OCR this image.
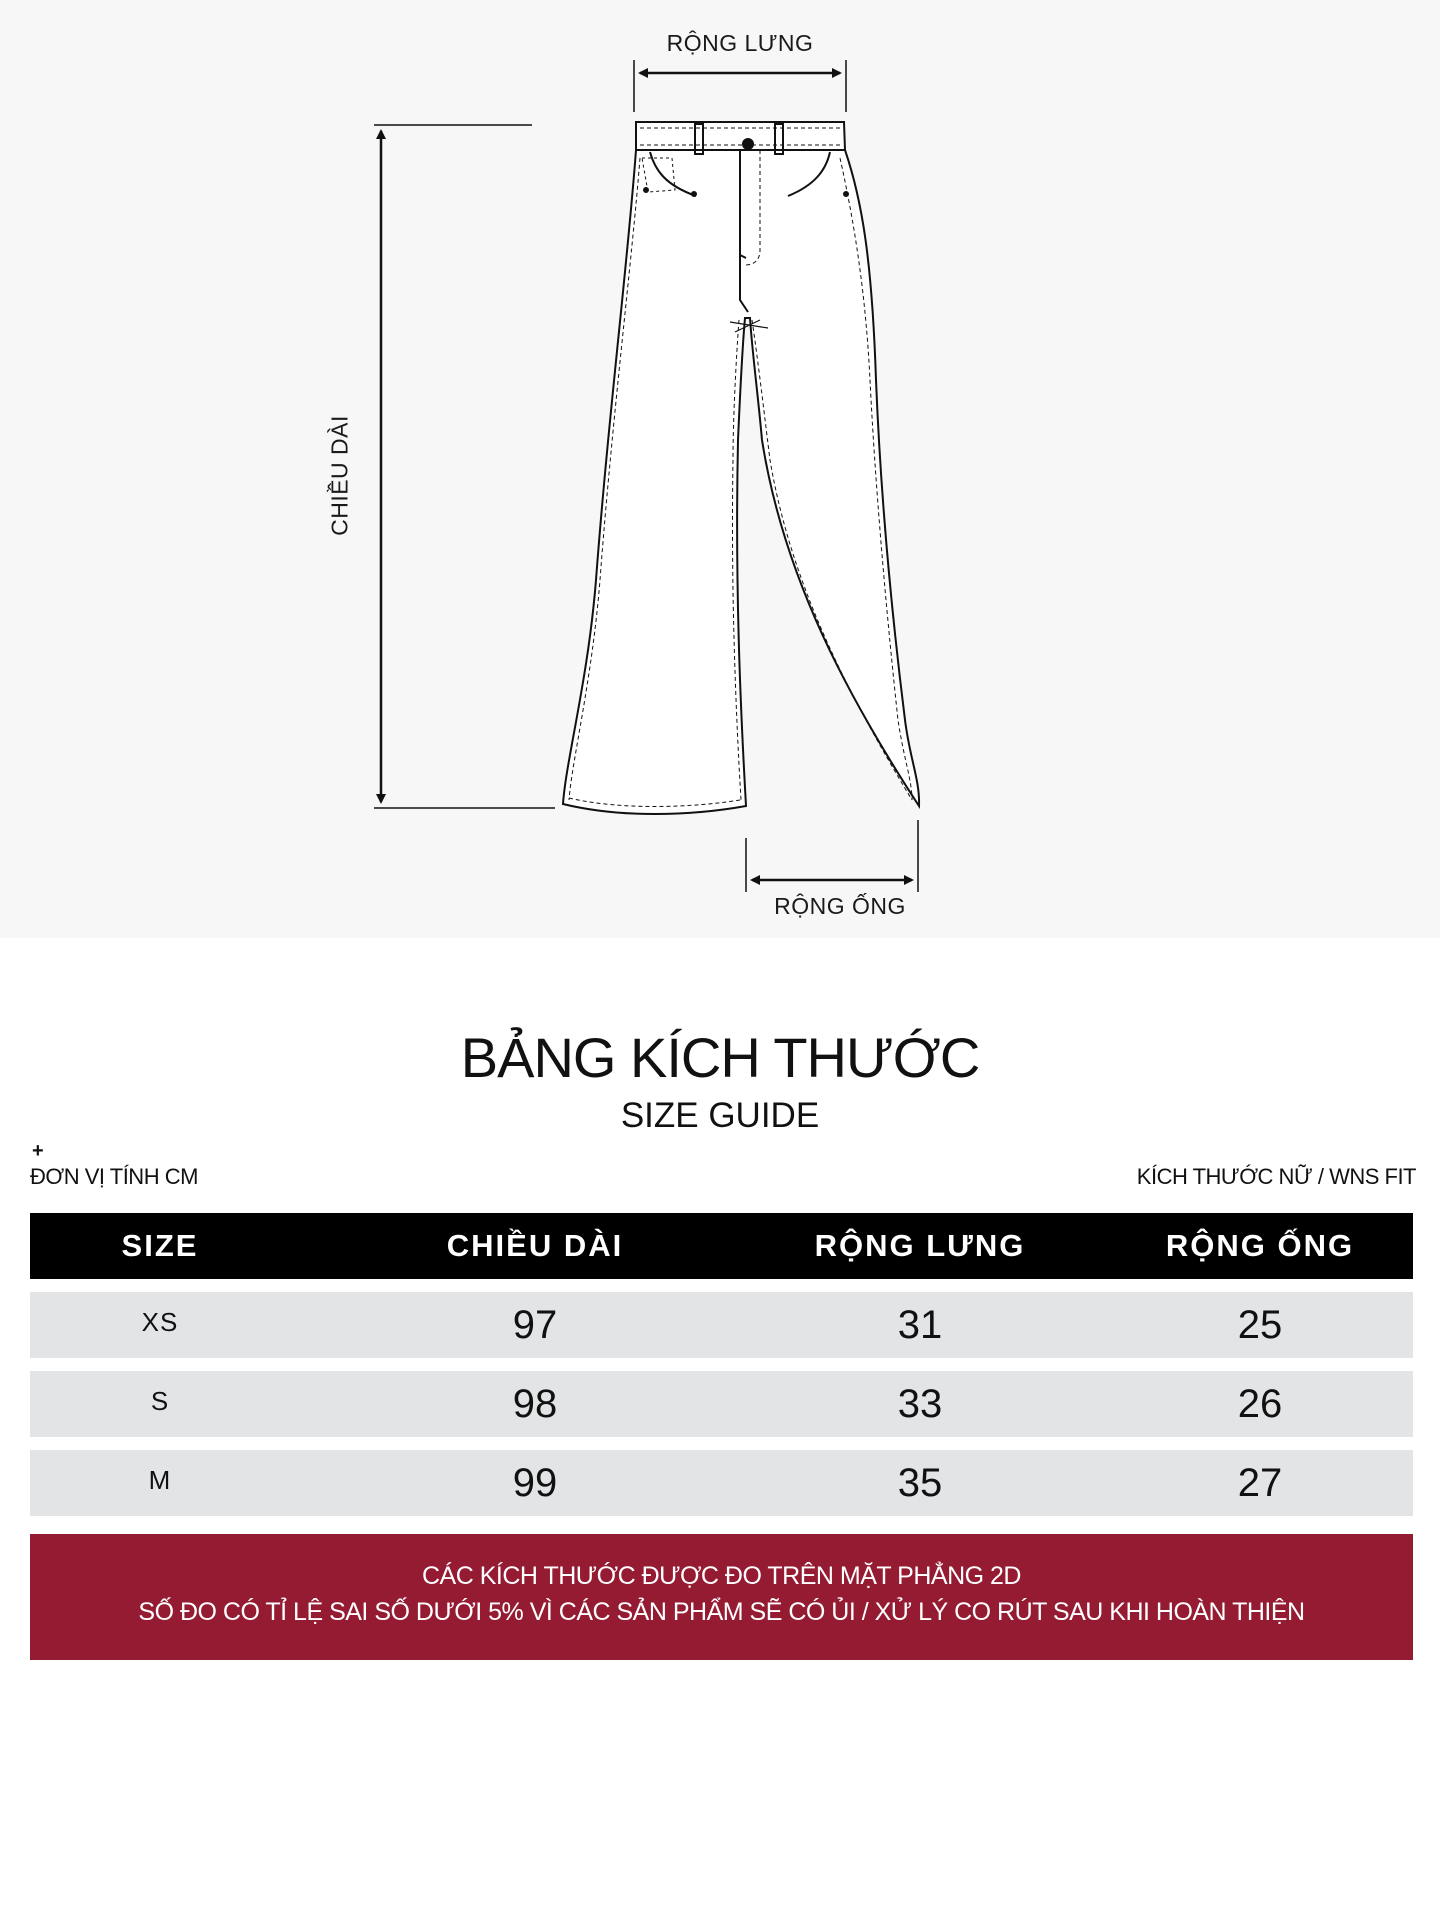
RỘNG LƯNG
CHIỀU DÀI
RỘNG ỐNG
BẢNG KÍCH THƯỚC
SIZE GUIDE
+
ĐƠN VỊ TÍNH CM	KÍCH THƯỚC NỮ / WNS FIT
SIZE	CHIỀU DÀI	RỘNG LƯNG	RỘNG ỐNG
XS	97	31	25
S	98	33	26
M	99	35	27
CÁC KÍCH THƯỚC ĐƯỢC ĐO TRÊN MẶT PHẲNG 2D
SỐ ĐO CÓ TỈ LỆ SAI SỐ DƯỚI 5% VÌ CÁC SẢN PHẨM SẼ CÓ ỦI / XỬ LÝ CO RÚT SAU KHI HOÀN THIỆN
